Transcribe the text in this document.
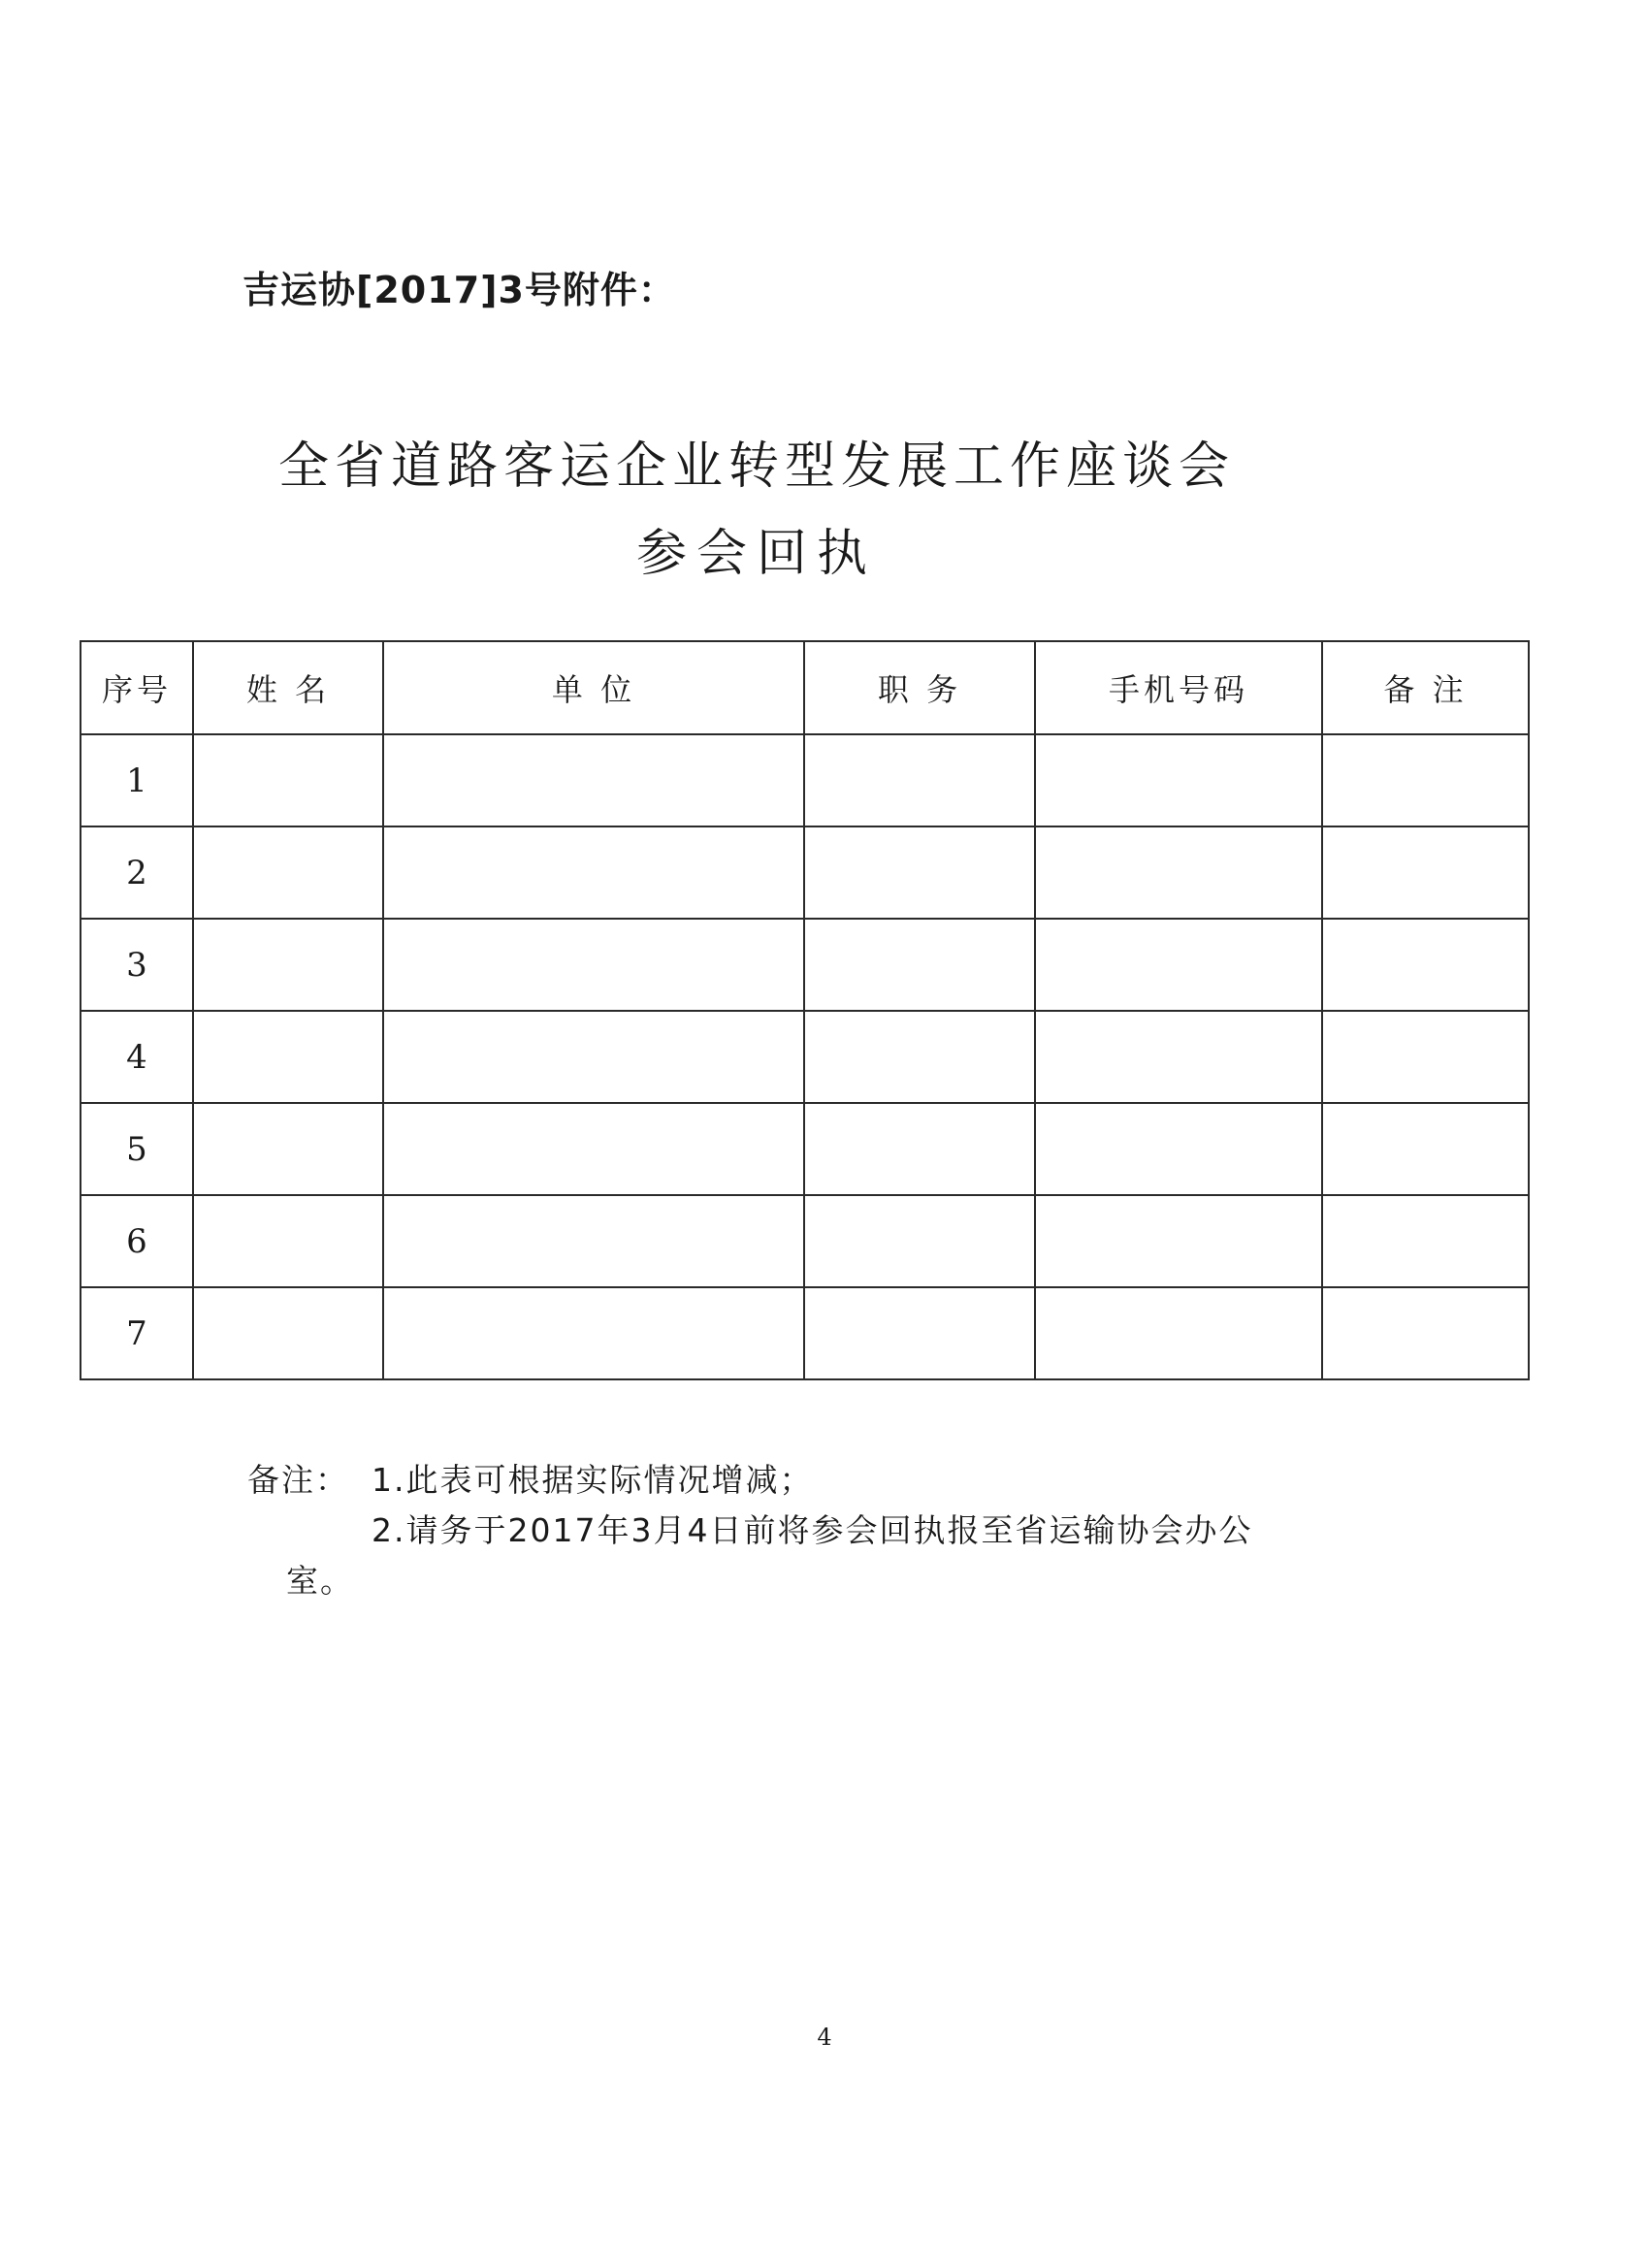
吉运协[2017]3号附件：
全省道路客运企业转型发展工作座谈会
参会回执
序号	姓 名	单 位	职 务	手机号码	备 注
1					
2					
3					
4					
5					
6					
7					
备注： 1.此表可根据实际情况增减；
2.请务于2017年3月4日前将参会回执报至省运输协会办公
室。
4
